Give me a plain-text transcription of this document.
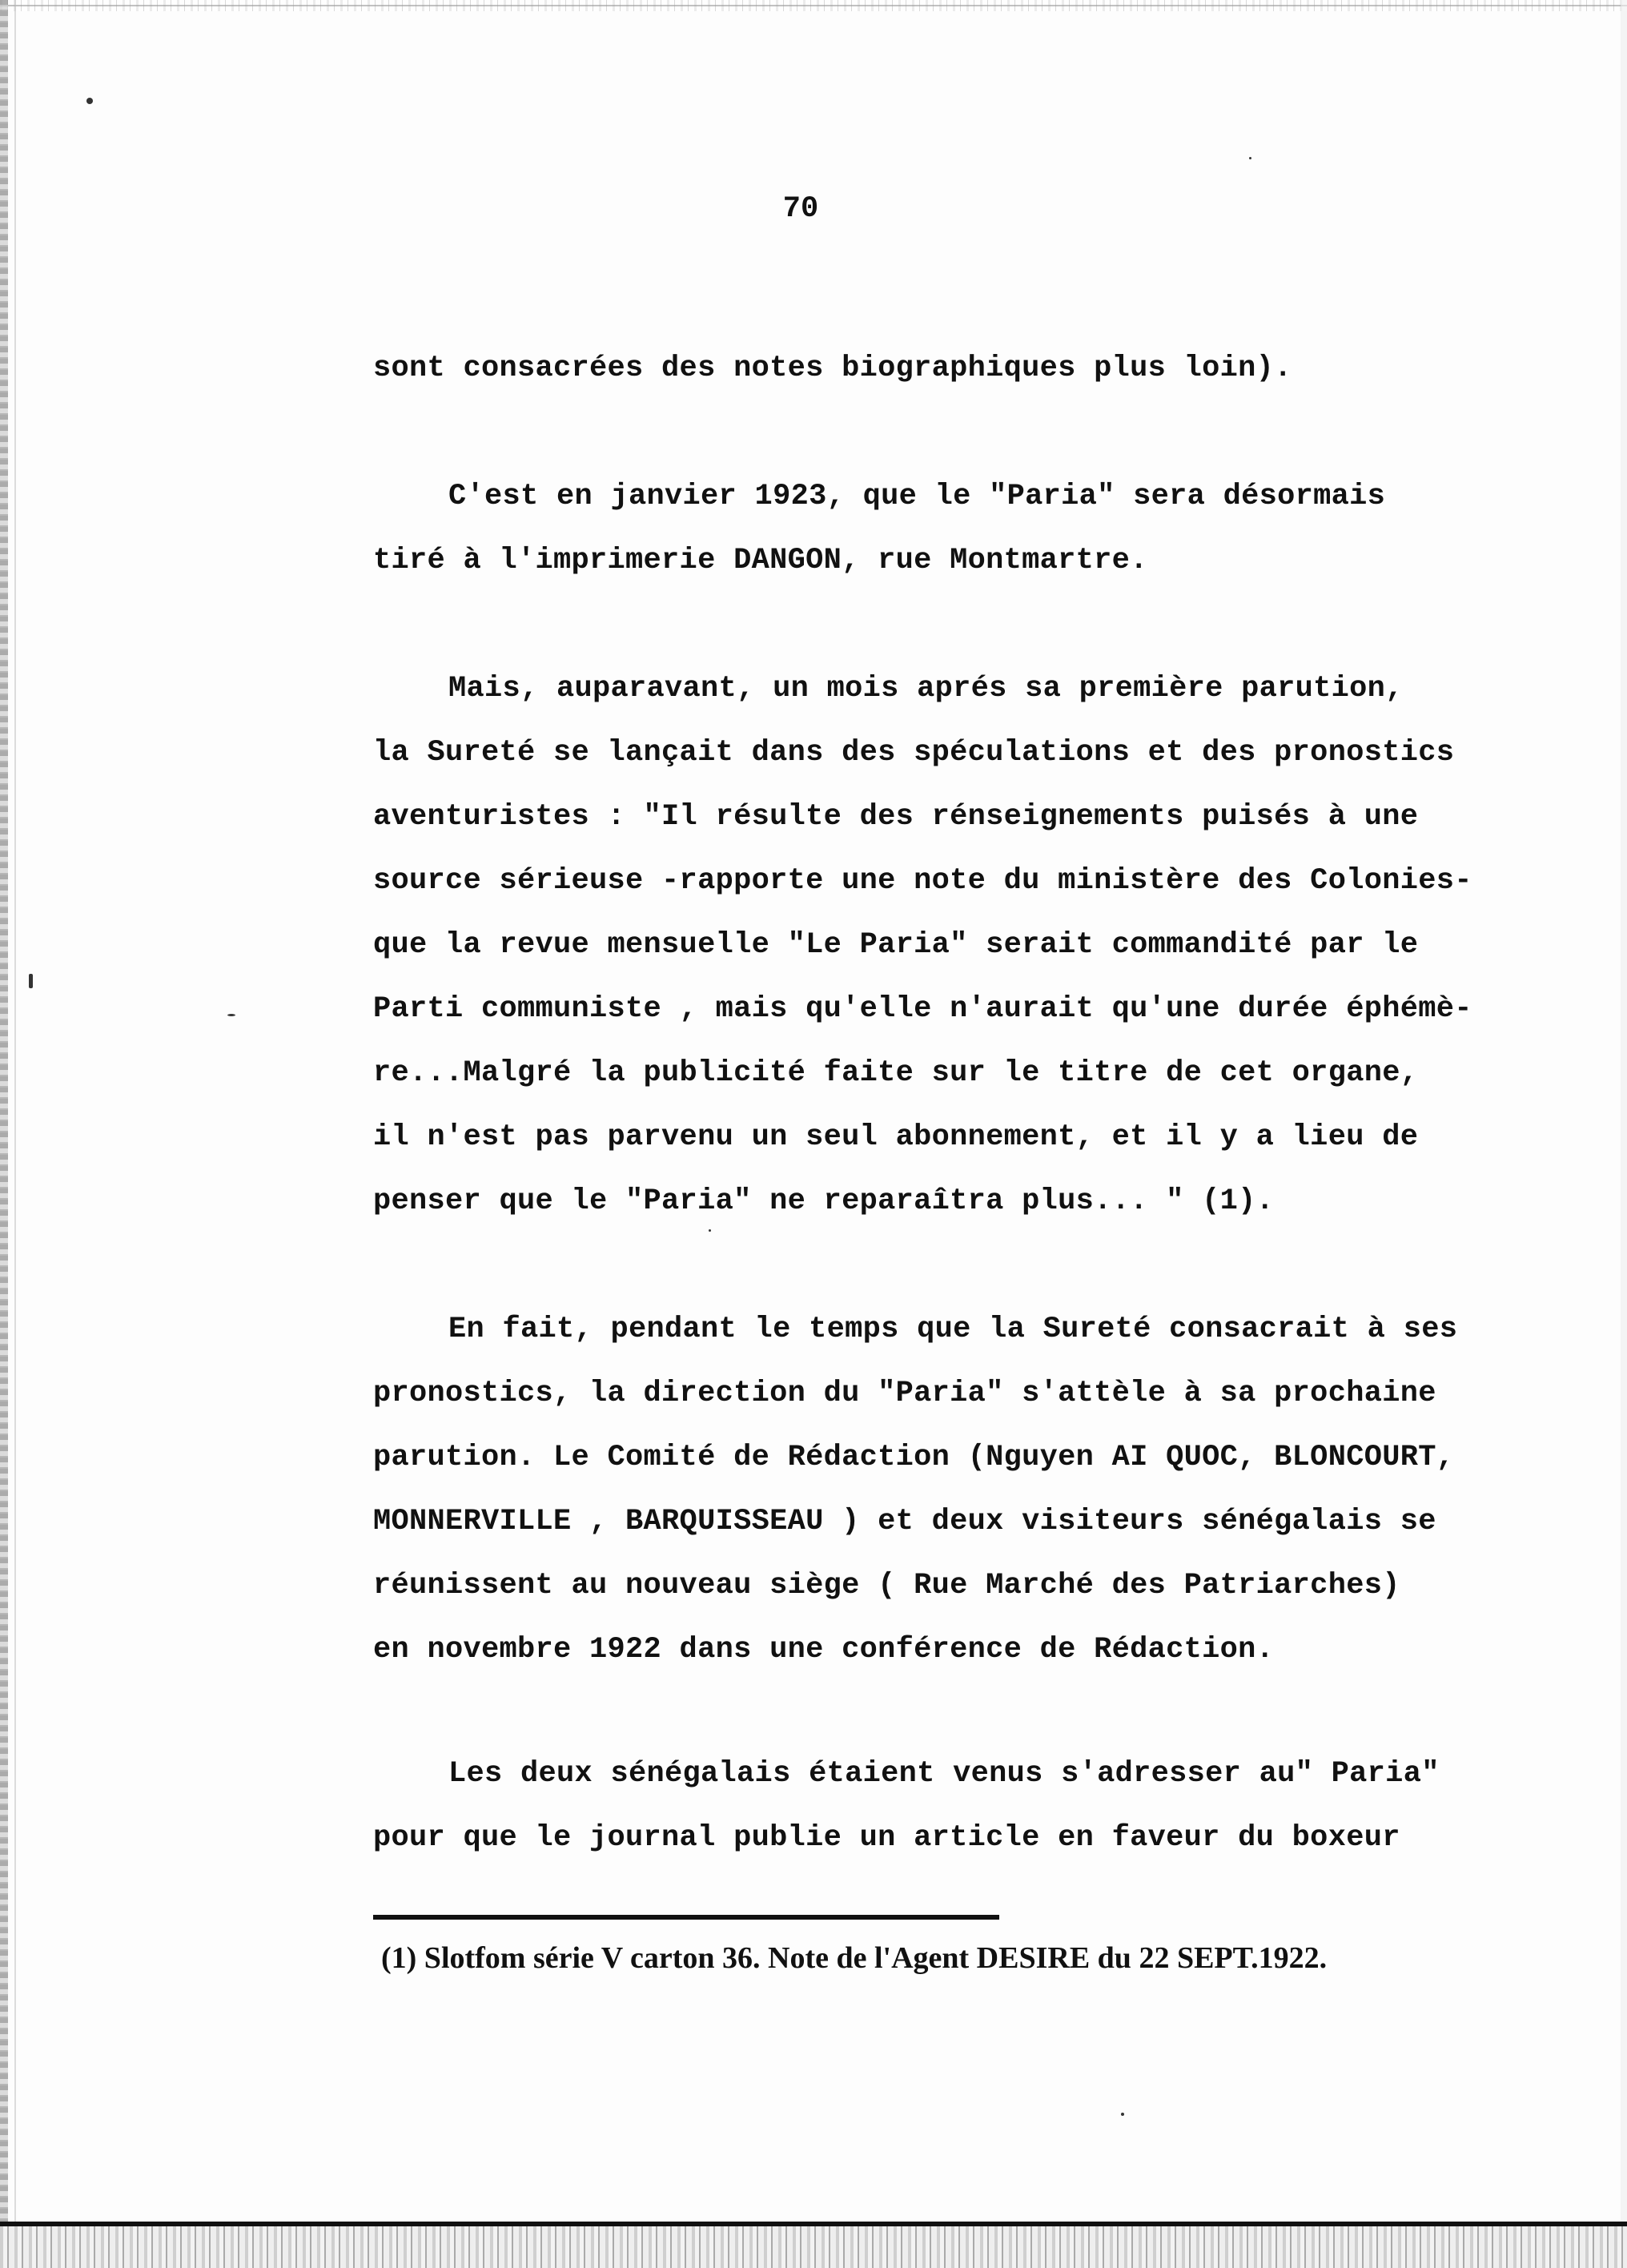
70
sont consacrées des notes biographiques plus loin).
C'est en janvier 1923, que le "Paria" sera désormais
tiré à l'imprimerie DANGON, rue Montmartre.
Mais, auparavant, un mois aprés sa première parution,
la Sureté se lançait dans des spéculations et des pronostics
aventuristes : "Il résulte des rénseignements puisés à une
source sérieuse -rapporte une note du ministère des Colonies-
que la revue mensuelle "Le Paria" serait commandité par le
Parti communiste , mais qu'elle n'aurait qu'une durée éphémè-
re...Malgré la publicité faite sur le titre de cet organe,
il n'est pas parvenu un seul abonnement, et il y a lieu de
penser que le "Paria" ne reparaîtra plus... " (1).
En fait, pendant le temps que la Sureté consacrait à ses
pronostics, la direction du "Paria" s'attèle à sa prochaine
parution. Le Comité de Rédaction (Nguyen AI QUOC, BLONCOURT,
MONNERVILLE , BARQUISSEAU ) et deux visiteurs sénégalais se
réunissent au nouveau siège ( Rue Marché des Patriarches)
en novembre 1922 dans une conférence de Rédaction.
Les deux sénégalais étaient venus s'adresser au" Paria"
pour que le journal publie un article en faveur du boxeur
(1) Slotfom série V carton 36. Note de l'Agent DESIRE du 22 SEPT.1922.
